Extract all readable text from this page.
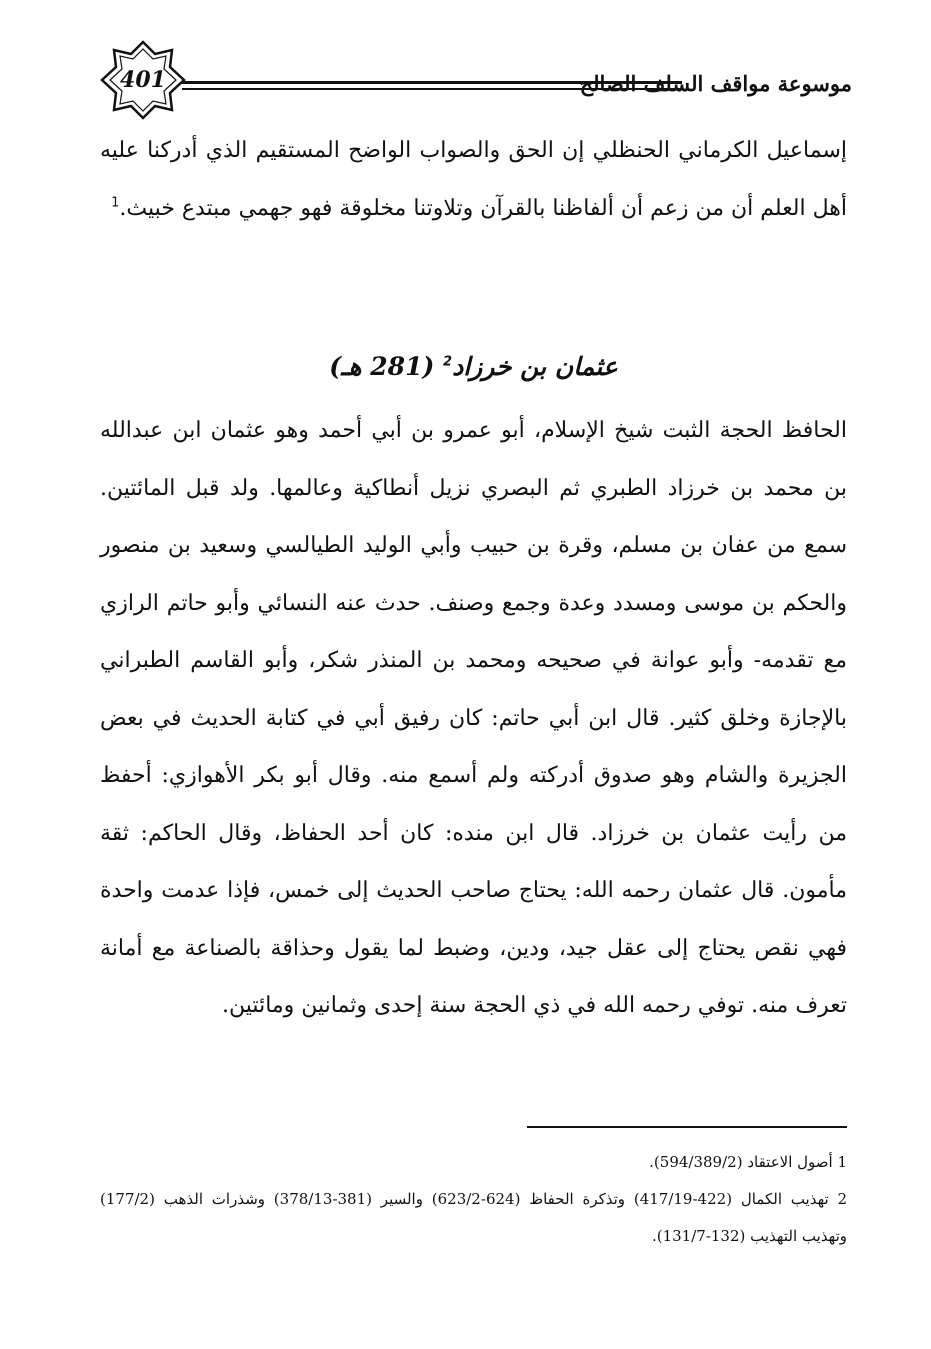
401	موسوعة مواقف السلف الصالح

إسماعيل الكرماني الحنظلي إن الحق والصواب الواضح المستقيم الذي أدركنا عليه أهل العلم أن من زعم أن ألفاظنا بالقرآن وتلاوتنا مخلوقة فهو جهمي مبتدع خبيث.$^1$

عثمان بن خرزاد$^2$ (281 هـ)

الحافظ الحجة الثبت شيخ الإسلام، أبو عمرو بن أبي أحمد وهو عثمان ابن عبدالله بن محمد بن خرزاد الطبري ثم البصري نزيل أنطاكية وعالمها. ولد قبل المائتين. سمع من عفان بن مسلم، وقرة بن حبيب وأبي الوليد الطيالسي وسعيد بن منصور والحكم بن موسى ومسدد وعدة وجمع وصنف. حدث عنه النسائي وأبو حاتم الرازي مع تقدمه- وأبو عوانة في صحيحه ومحمد بن المنذر شكر، وأبو القاسم الطبراني بالإجازة وخلق كثير. قال ابن أبي حاتم: كان رفيق أبي في كتابة الحديث في بعض الجزيرة والشام وهو صدوق أدركته ولم أسمع منه. وقال أبو بكر الأهوازي: أحفظ من رأيت عثمان بن خرزاد. قال ابن منده: كان أحد الحفاظ، وقال الحاكم: ثقة مأمون. قال عثمان رحمه الله: يحتاج صاحب الحديث إلى خمس، فإذا عدمت واحدة فهي نقص يحتاج إلى عقل جيد، ودين، وضبط لما يقول وحذاقة بالصناعة مع أمانة تعرف منه. توفي رحمه الله في ذي الحجة سنة إحدى وثمانين ومائتين.

1 أصول الاعتقاد (594/389/2).

2 تهذيب الكمال (422-417/19) وتذكرة الحفاظ (624-623/2) والسير (381-378/13) وشذرات الذهب (177/2) وتهذيب التهذيب (132-131/7).
